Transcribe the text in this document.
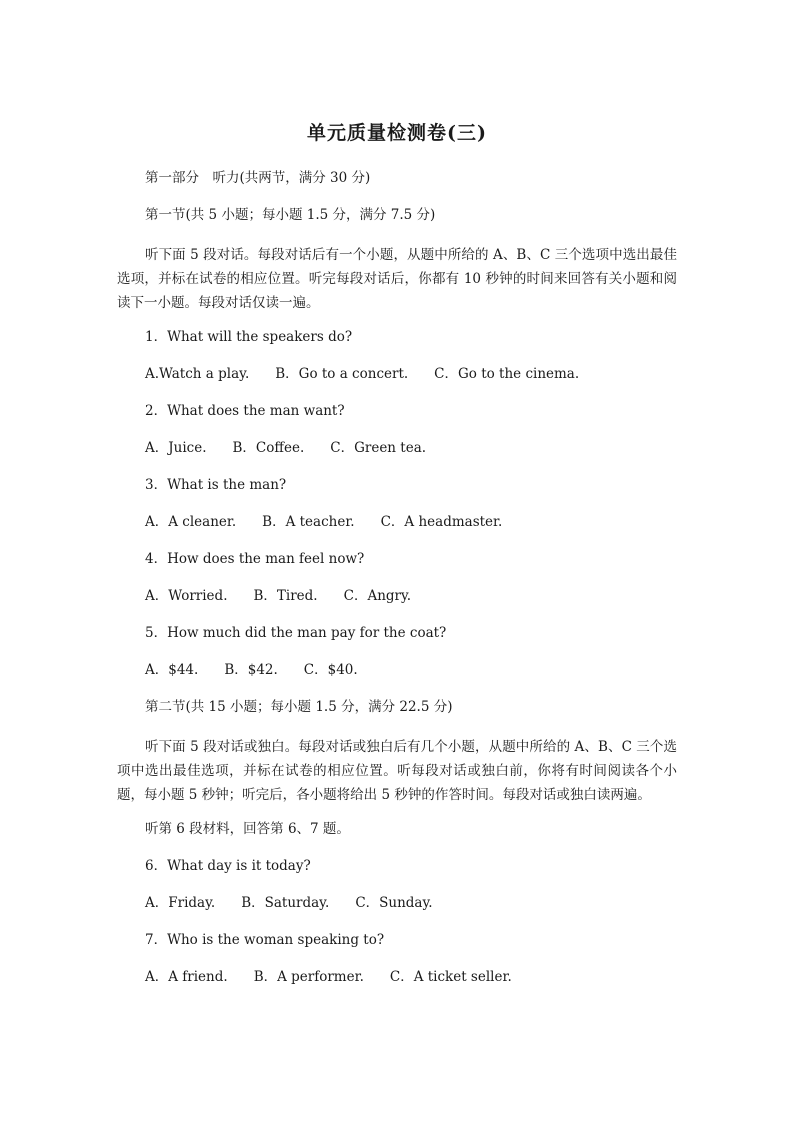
单元质量检测卷(三)
第一部分　听力(共两节，满分 30 分)
第一节(共 5 小题；每小题 1.5 分，满分 7.5 分)

听下面 5 段对话。每段对话后有一个小题，从题中所给的 A、B、C 三个选项中选出最佳选项，并标在试卷的相应位置。听完每段对话后，你都有 10 秒钟的时间来回答有关小题和阅读下一小题。每段对话仅读一遍。

1．What will the speakers do?
A.Watch a play. B．Go to a concert. C．Go to the cinema.
2．What does the man want?
A．Juice. B．Coffee. C．Green tea.
3．What is the man?
A．A cleaner. B．A teacher. C．A headmaster.
4．How does the man feel now?
A．Worried. B．Tired. C．Angry.
5．How much did the man pay for the coat?
A．$44. B．$42. C．$40.
第二节(共 15 小题；每小题 1.5 分，满分 22.5 分)

听下面 5 段对话或独白。每段对话或独白后有几个小题，从题中所给的 A、B、C 三个选项中选出最佳选项，并标在试卷的相应位置。听每段对话或独白前，你将有时间阅读各个小题，每小题 5 秒钟；听完后，各小题将给出 5 秒钟的作答时间。每段对话或独白读两遍。

听第 6 段材料，回答第 6、7 题。
6．What day is it today?
A．Friday. B．Saturday. C．Sunday.
7．Who is the woman speaking to?
A．A friend. B．A performer. C．A ticket seller.
